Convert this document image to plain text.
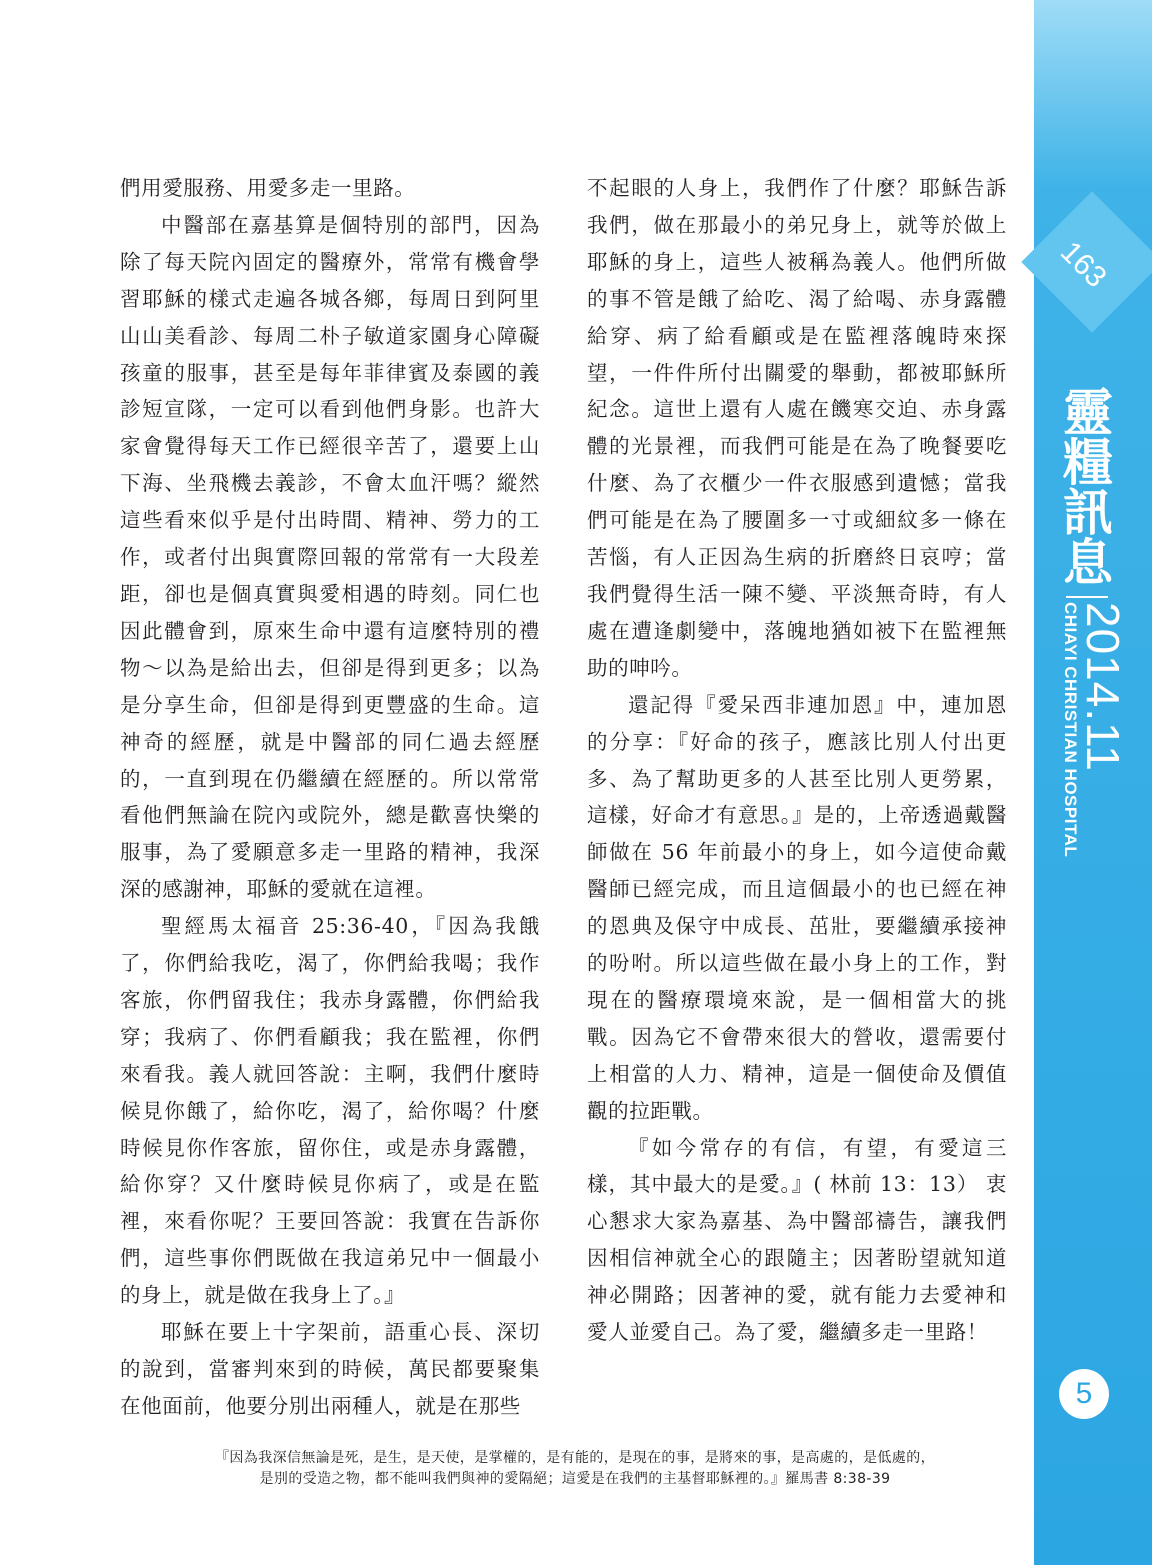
163
靈
糧
訊
息
2014.11
CHIAYI CHRISTIAN HOSPITAL
5

們用愛服務、用愛多走一里路。

中醫部在嘉基算是個特別的部門，因為除了每天院內固定的醫療外，常常有機會學習耶穌的樣式走遍各城各鄉，每周日到阿里山山美看診、每周二朴子敏道家園身心障礙孩童的服事，甚至是每年菲律賓及泰國的義診短宣隊，一定可以看到他們身影。也許大家會覺得每天工作已經很辛苦了，還要上山下海、坐飛機去義診，不會太血汗嗎？縱然這些看來似乎是付出時間、精神、勞力的工作，或者付出與實際回報的常常有一大段差距，卻也是個真實與愛相遇的時刻。同仁也因此體會到，原來生命中還有這麼特別的禮物～以為是給出去，但卻是得到更多；以為是分享生命，但卻是得到更豐盛的生命。這神奇的經歷，就是中醫部的同仁過去經歷的，一直到現在仍繼續在經歷的。所以常常看他們無論在院內或院外，總是歡喜快樂的服事，為了愛願意多走一里路的精神，我深深的感謝神，耶穌的愛就在這裡。

聖經馬太福音 25:36-40，『因為我餓了，你們給我吃，渴了，你們給我喝；我作客旅，你們留我住；我赤身露體，你們給我穿；我病了、你們看顧我；我在監裡，你們來看我。義人就回答說：主啊，我們什麼時候見你餓了，給你吃，渴了，給你喝？什麼時候見你作客旅，留你住，或是赤身露體，給你穿？又什麼時候見你病了，或是在監裡，來看你呢？王要回答說：我實在告訴你們，這些事你們既做在我這弟兄中一個最小的身上，就是做在我身上了。』

耶穌在要上十字架前，語重心長、深切的說到，當審判來到的時候，萬民都要聚集在他面前，他要分別出兩種人，就是在那些

不起眼的人身上，我們作了什麼？耶穌告訴我們，做在那最小的弟兄身上，就等於做上耶穌的身上，這些人被稱為義人。他們所做的事不管是餓了給吃、渴了給喝、赤身露體給穿、病了給看顧或是在監裡落魄時來探望，一件件所付出關愛的舉動，都被耶穌所紀念。這世上還有人處在饑寒交迫、赤身露體的光景裡，而我們可能是在為了晚餐要吃什麼、為了衣櫃少一件衣服感到遺憾；當我們可能是在為了腰圍多一寸或細紋多一條在苦惱，有人正因為生病的折磨終日哀哼；當我們覺得生活一陳不變、平淡無奇時，有人處在遭逢劇變中，落魄地猶如被下在監裡無助的呻吟。

還記得『愛呆西非連加恩』中，連加恩的分享：『好命的孩子，應該比別人付出更多、為了幫助更多的人甚至比別人更勞累，這樣，好命才有意思。』是的，上帝透過戴醫師做在 56 年前最小的身上，如今這使命戴醫師已經完成，而且這個最小的也已經在神的恩典及保守中成長、茁壯，要繼續承接神的吩咐。所以這些做在最小身上的工作，對現在的醫療環境來說，是一個相當大的挑戰。因為它不會帶來很大的營收，還需要付上相當的人力、精神，這是一個使命及價值觀的拉距戰。

『如今常存的有信，有望，有愛這三樣，其中最大的是愛。』( 林前 13：13） 衷心懇求大家為嘉基、為中醫部禱告，讓我們因相信神就全心的跟隨主；因著盼望就知道神必開路；因著神的愛，就有能力去愛神和愛人並愛自己。為了愛，繼續多走一里路！

『因為我深信無論是死，是生，是天使，是掌權的，是有能的，是現在的事，是將來的事，是高處的，是低處的，
是別的受造之物，都不能叫我們與神的愛隔絕；這愛是在我們的主基督耶穌裡的。』羅馬書 8:38-39
